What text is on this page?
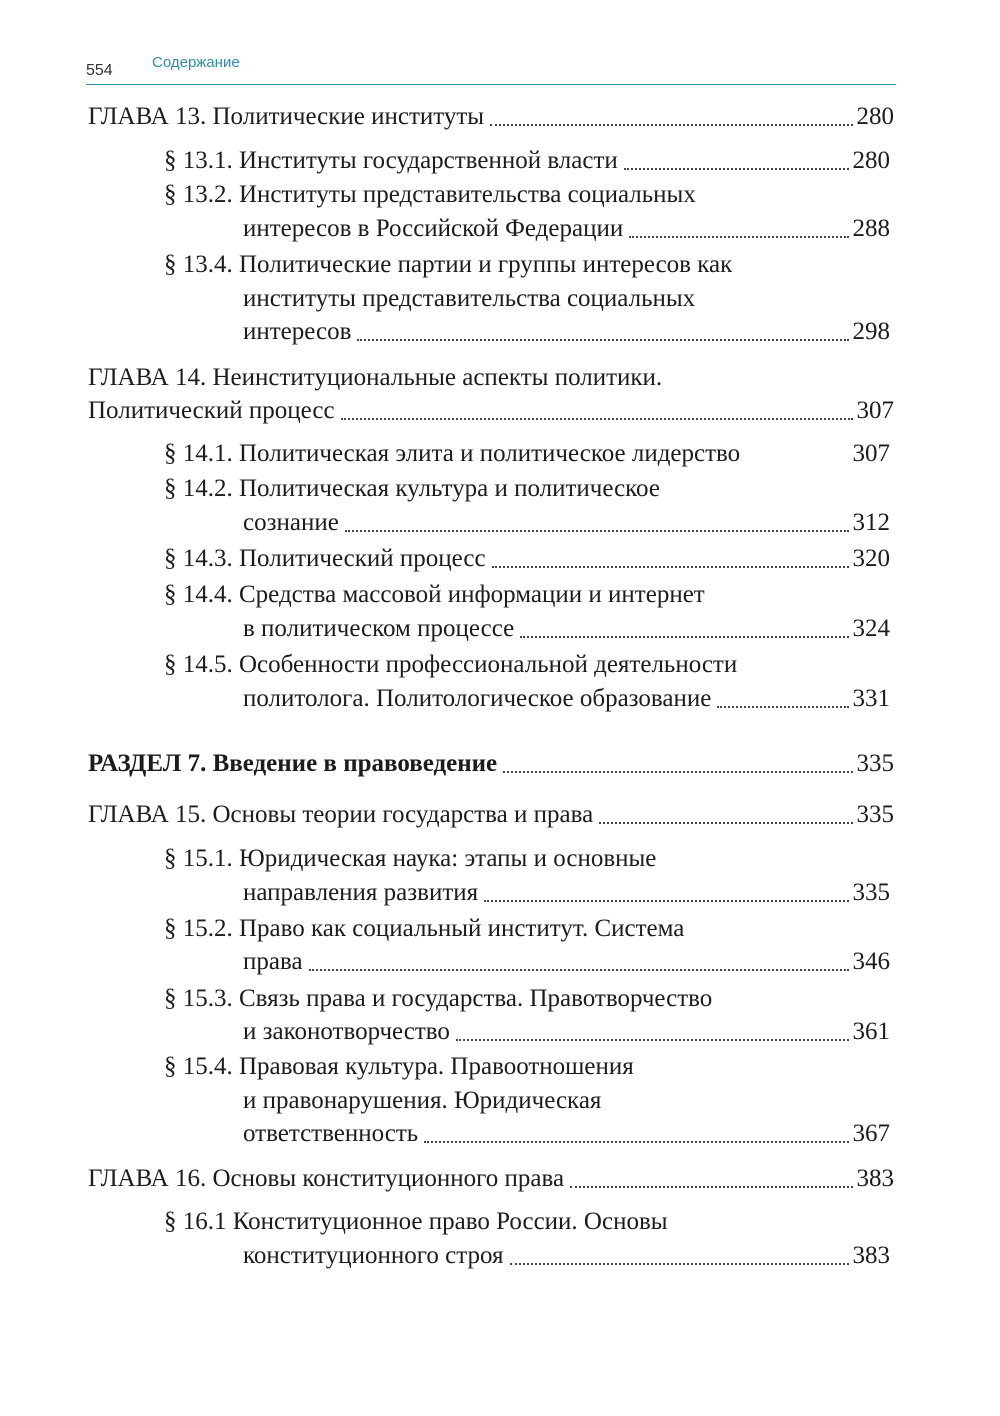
554	Содержание
ГЛАВА 13. Политические институты	280
§ 13.1. Институты государственной власти	280
§ 13.2. Институты представительства социальных
интересов в Российской Федерации	288
§ 13.4. Политические партии и группы интересов как
институты представительства социальных
интересов	298
ГЛАВА 14. Неинституциональные аспекты политики.
Политический процесс	307
§ 14.1. Политическая элита и политическое лидерство	307
§ 14.2. Политическая культура и политическое
сознание	312
§ 14.3. Политический процесс	320
§ 14.4. Средства массовой информации и интернет
в политическом процессе	324
§ 14.5. Особенности профессиональной деятельности
политолога. Политологическое образование	331
РАЗДЕЛ 7. Введение в правоведение	335
ГЛАВА 15. Основы теории государства и права	335
§ 15.1. Юридическая наука: этапы и основные
направления развития	335
§ 15.2. Право как социальный институт. Система
права	346
§ 15.3. Связь права и государства. Правотворчество
и законотворчество	361
§ 15.4. Правовая культура. Правоотношения
и правонарушения. Юридическая
ответственность	367
ГЛАВА 16. Основы конституционного права	383
§ 16.1 Конституционное право России. Основы
конституционного строя	383
